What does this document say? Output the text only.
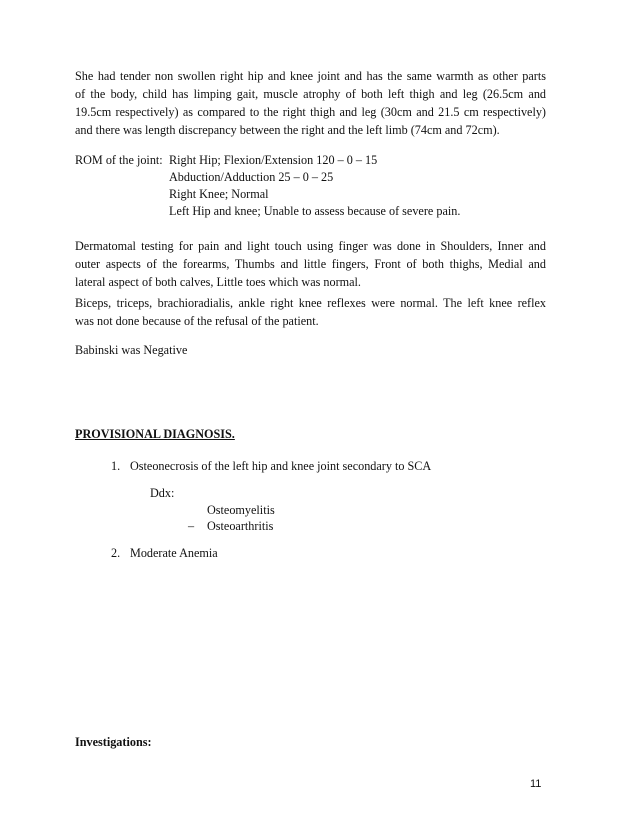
She had tender non swollen right hip and knee joint and has the same warmth as other parts
of the body, child has limping gait, muscle atrophy of both left thigh and leg (26.5cm and
19.5cm respectively) as compared to the right thigh and leg (30cm and 21.5 cm respectively)
and there was length discrepancy between the right and the left limb (74cm and 72cm).
ROM of the joint: Right Hip; Flexion/Extension 120 – 0 – 15
Abduction/Adduction 25 – 0 – 25
Right Knee; Normal
Left Hip and knee; Unable to assess because of severe pain.
Dermatomal testing for pain and light touch using finger was done in Shoulders, Inner and
outer aspects of the forearms, Thumbs and little fingers, Front of both thighs, Medial and
lateral aspect of both calves, Little toes which was normal.
Biceps, triceps, brachioradialis, ankle right knee reflexes were normal. The left knee reflex
was not done because of the refusal of the patient.
Babinski was Negative
PROVISIONAL DIAGNOSIS.
1. Osteonecrosis of the left hip and knee joint secondary to SCA
Ddx:
Osteomyelitis
– Osteoarthritis
2. Moderate Anemia
Investigations:
11
